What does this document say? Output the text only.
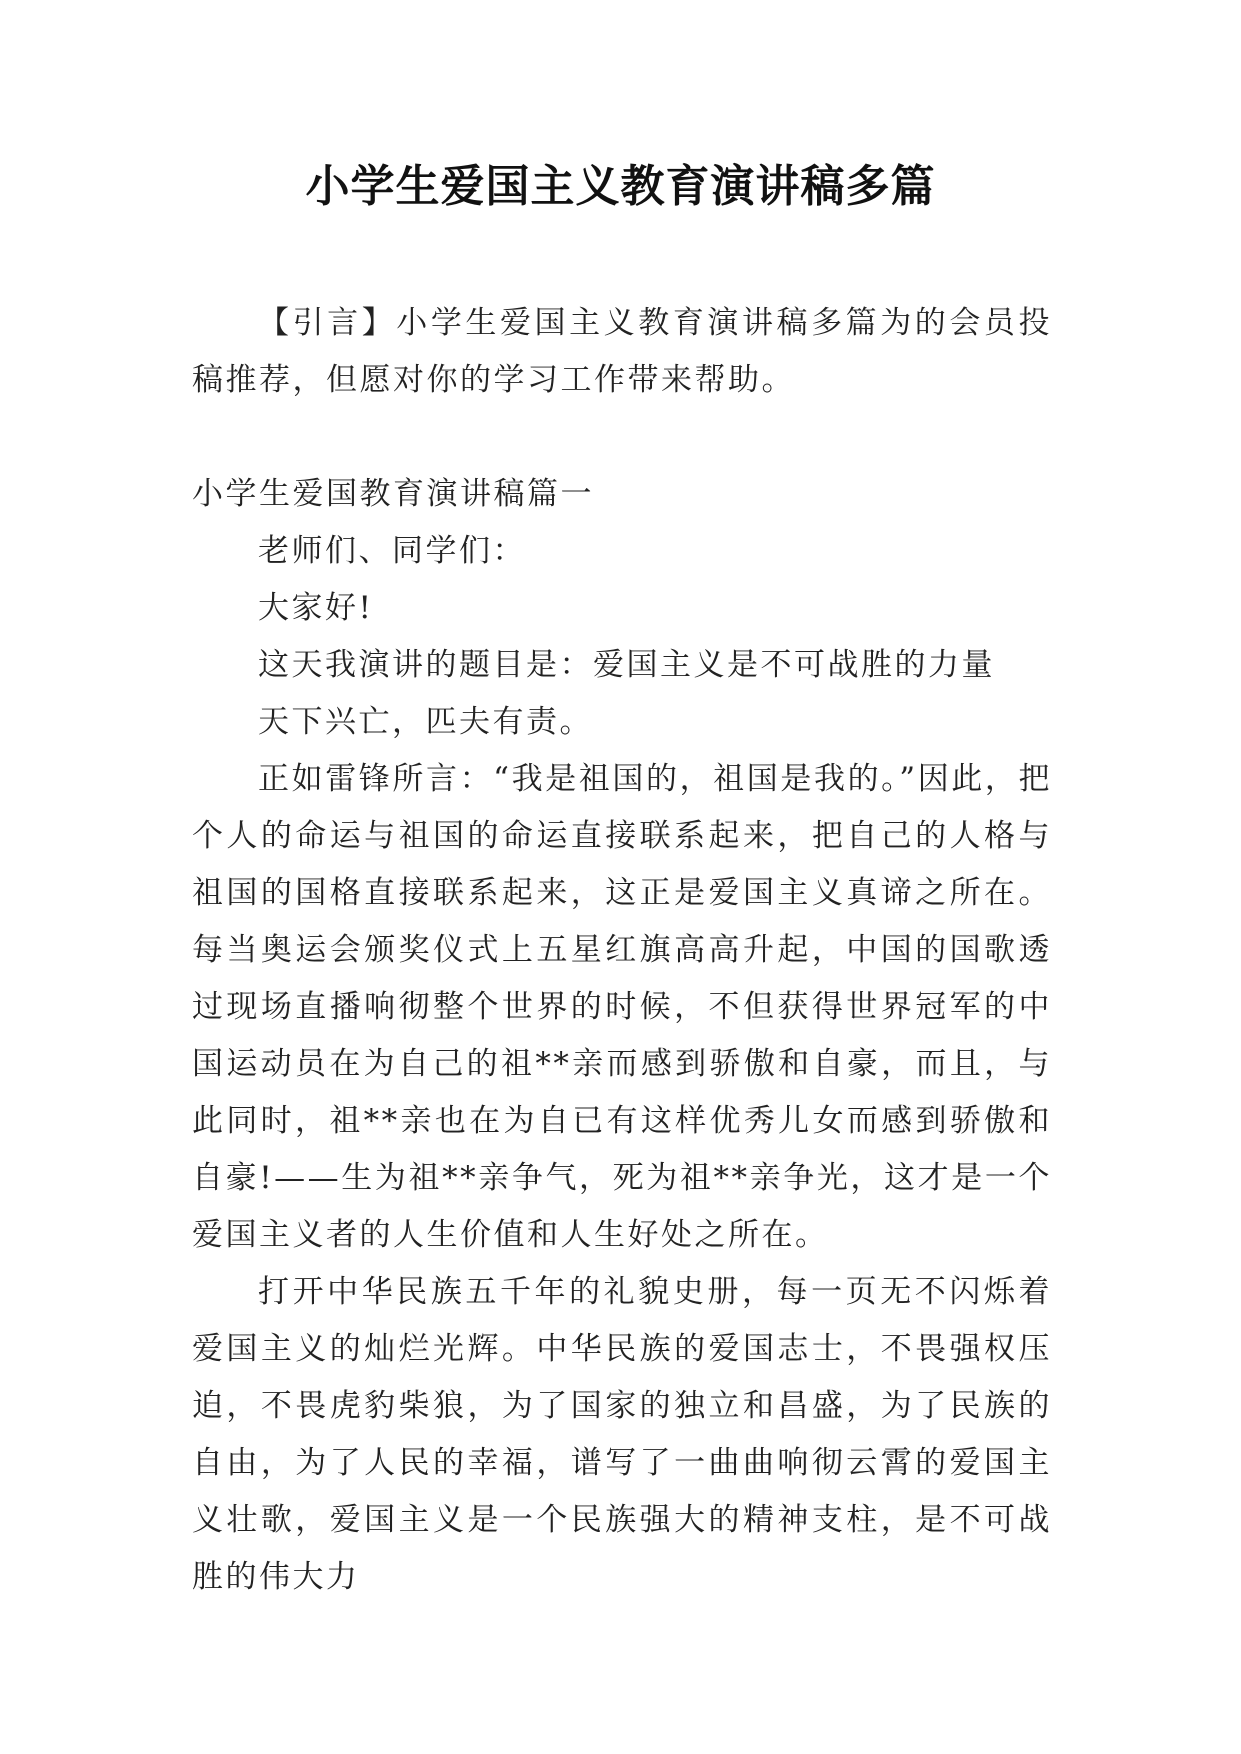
小学生爱国主义教育演讲稿多篇

【引言】小学生爱国主义教育演讲稿多篇为的会员投稿推荐，但愿对你的学习工作带来帮助。

小学生爱国教育演讲稿篇一

老师们、同学们：

大家好!

这天我演讲的题目是：爱国主义是不可战胜的力量

天下兴亡，匹夫有责。

正如雷锋所言：“我是祖国的，祖国是我的。”因此，把个人的命运与祖国的命运直接联系起来，把自己的人格与祖国的国格直接联系起来，这正是爱国主义真谛之所在。每当奥运会颁奖仪式上五星红旗高高升起，中国的国歌透过现场直播响彻整个世界的时候，不但获得世界冠军的中国运动员在为自己的祖**亲而感到骄傲和自豪，而且，与此同时，祖**亲也在为自已有这样优秀儿女而感到骄傲和自豪!——生为祖**亲争气，死为祖**亲争光，这才是一个爱国主义者的人生价值和人生好处之所在。

打开中华民族五千年的礼貌史册，每一页无不闪烁着爱国主义的灿烂光辉。中华民族的爱国志士，不畏强权压迫，不畏虎豹柴狼，为了国家的独立和昌盛，为了民族的自由，为了人民的幸福，谱写了一曲曲响彻云霄的爱国主义壮歌，爱国主义是一个民族强大的精神支柱，是不可战胜的伟大力
